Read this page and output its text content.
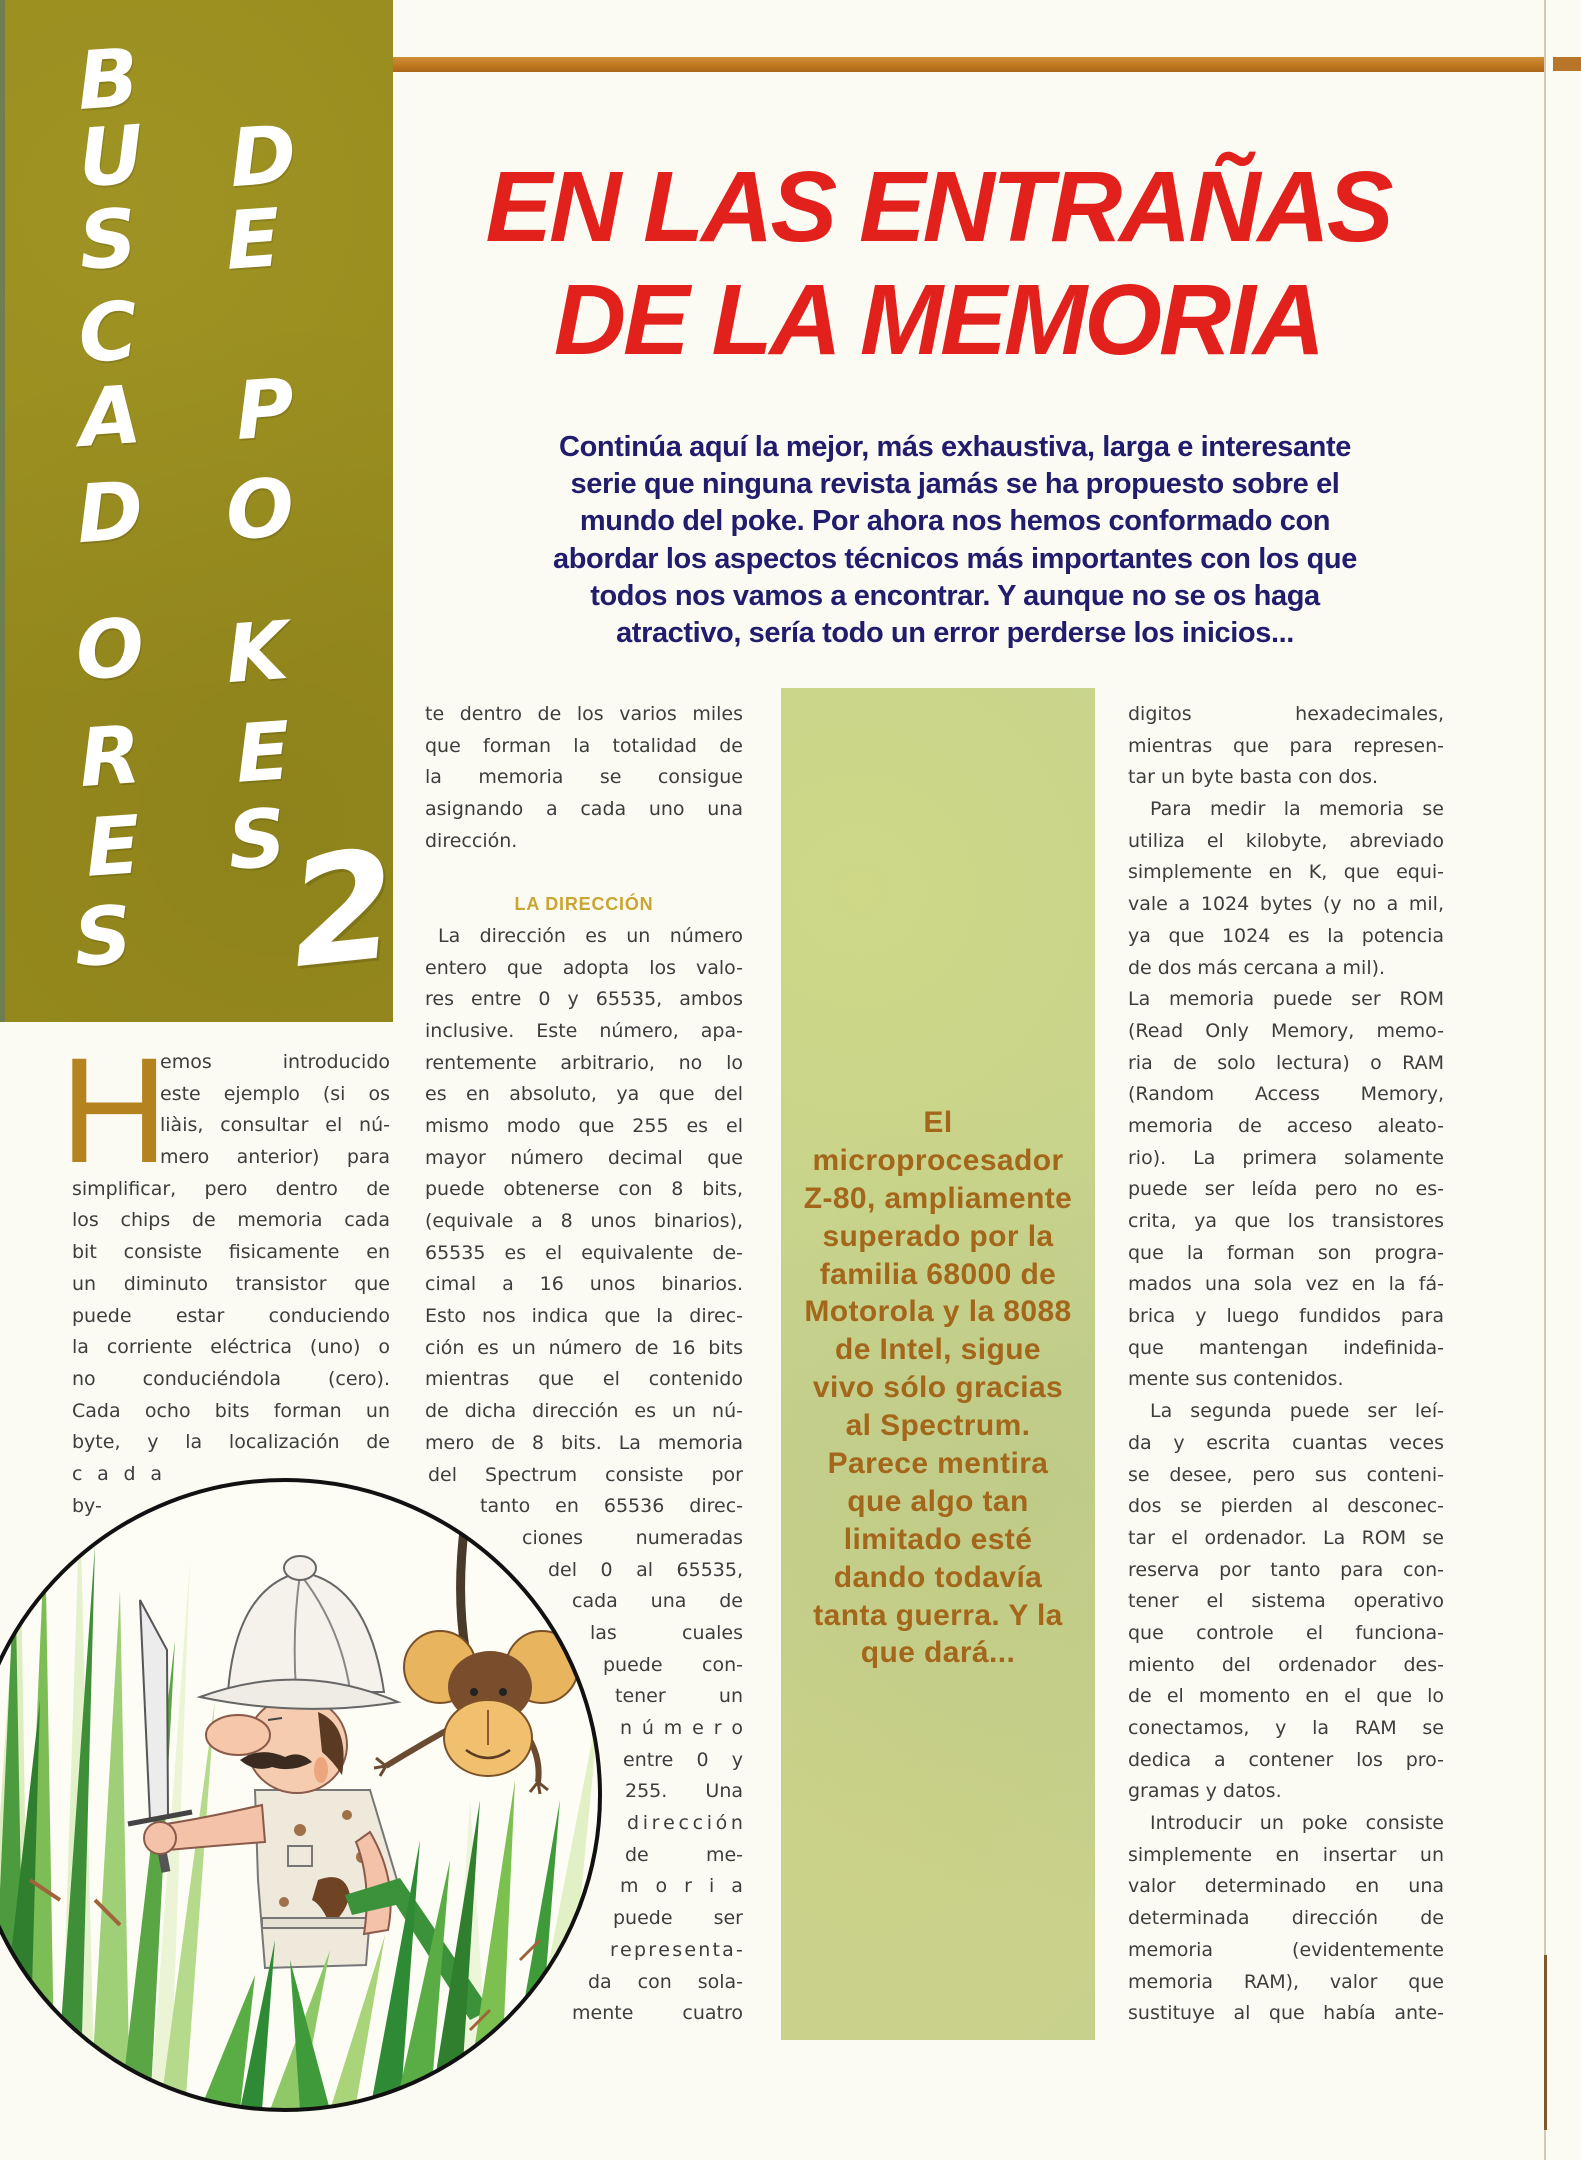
B
U
S
C
A
D
O
R
E
S
D
E
P
O
K
E
S
2
EN LAS ENTRAÑAS
DE LA MEMORIA
Continúa aquí la mejor, más exhaustiva, larga e interesante
serie que ninguna revista jamás se ha propuesto sobre el
mundo del poke. Por ahora nos hemos conformado con
abordar los aspectos técnicos más importantes con los que
todos nos vamos a encontrar. Y aunque no se os haga
atractivo, sería todo un error perderse los inicios...
H
emos introducido
este ejemplo (si os
liàis, consultar el nú-
mero anterior) para
simplificar, pero dentro de
los chips de memoria cada
bit consiste fisicamente en
un diminuto transistor que
puede estar conduciendo
la corriente eléctrica (uno) o
no conduciéndola (cero).
Cada ocho bits forman un
byte, y la localización de
c a d a
by-
te dentro de los varios miles
que forman la totalidad de
la memoria se consigue
asignando a cada uno una
dirección.

LA DIRECCIÓN
La dirección es un número
entero que adopta los valo-
res entre 0 y 65535, ambos
inclusive. Este número, apa-
rentemente arbitrario, no lo
es en absoluto, ya que del
mismo modo que 255 es el
mayor número decimal que
puede obtenerse con 8 bits,
(equivale a 8 unos binarios),
65535 es el equivalente de-
cimal a 16 unos binarios.
Esto nos indica que la direc-
ción es un número de 16 bits
mientras que el contenido
de dicha dirección es un nú-
mero de 8 bits. La memoria
del Spectrum consiste por
tanto en 65536 direc-
ciones numeradas
del 0 al 65535,
cada una de
las cuales
puede con-
tener un
n ú m e r o
entre 0 y
255. Una
d i r e c c i ó n
de me-
m o r i a
puede ser
r e p r e s e n t a -
da con sola-
mente cuatro
El
microprocesador
Z-80, ampliamente
superado por la
familia 68000 de
Motorola y la 8088
de Intel, sigue
vivo sólo gracias
al Spectrum.
Parece mentira
que algo tan
limitado esté
dando todavía
tanta guerra. Y la
que dará...
digitos hexadecimales,
mientras que para represen-
tar un byte basta con dos.
Para medir la memoria se
utiliza el kilobyte, abreviado
simplemente en K, que equi-
vale a 1024 bytes (y no a mil,
ya que 1024 es la potencia
de dos más cercana a mil).
La memoria puede ser ROM
(Read Only Memory, memo-
ria de solo lectura) o RAM
(Random Access Memory,
memoria de acceso aleato-
rio). La primera solamente
puede ser leída pero no es-
crita, ya que los transistores
que la forman son progra-
mados una sola vez en la fá-
brica y luego fundidos para
que mantengan indefinida-
mente sus contenidos.
La segunda puede ser leí-
da y escrita cuantas veces
se desee, pero sus conteni-
dos se pierden al desconec-
tar el ordenador. La ROM se
reserva por tanto para con-
tener el sistema operativo
que controle el funciona-
miento del ordenador des-
de el momento en el que lo
conectamos, y la RAM se
dedica a contener los pro-
gramas y datos.
Introducir un poke consiste
simplemente en insertar un
valor determinado en una
determinada dirección de
memoria (evidentemente
memoria RAM), valor que
sustituye al que había ante-
